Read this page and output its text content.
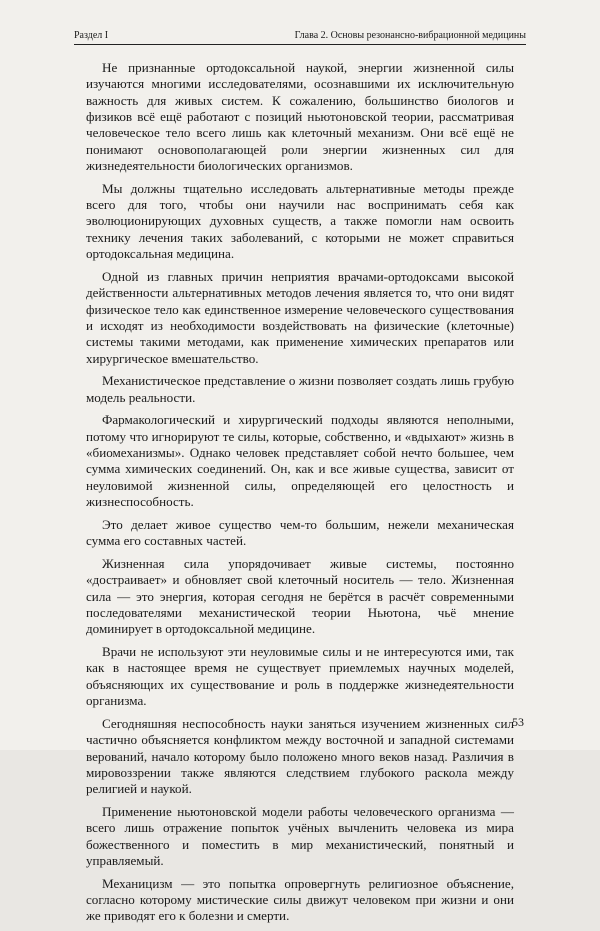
Раздел I	Глава 2. Основы резонансно-вибрационной медицины

Не признанные ортодоксальной наукой, энергии жизненной силы изучаются многими исследователями, осознавшими их исключительную важность для живых систем. К сожалению, большинство биологов и физиков всё ещё работают с позиций ньютоновской теории, рассматривая человеческое тело всего лишь как клеточный механизм. Они всё ещё не понимают основополагающей роли энергии жизненных сил для жизнедеятельности биологических организмов.

Мы должны тщательно исследовать альтернативные методы прежде всего для того, чтобы они научили нас воспринимать себя как эволюционирующих духовных существ, а также помогли нам освоить технику лечения таких заболеваний, с которыми не может справиться ортодоксальная медицина.

Одной из главных причин неприятия врачами-ортодоксами высокой действенности альтернативных методов лечения является то, что они видят физическое тело как единственное измерение человеческого существования и исходят из необходимости воздействовать на физические (клеточные) системы такими методами, как применение химических препаратов или хирургическое вмешательство.

Механистическое представление о жизни позволяет создать лишь грубую модель реальности.

Фармакологический и хирургический подходы являются неполными, потому что игнорируют те силы, которые, собственно, и «вдыхают» жизнь в «биомеханизмы». Однако человек представляет собой нечто большее, чем сумма химических соединений. Он, как и все живые существа, зависит от неуловимой жизненной силы, определяющей его целостность и жизнеспособность.

Это делает живое существо чем-то большим, нежели механическая сумма его составных частей.

Жизненная сила упорядочивает живые системы, постоянно «достраивает» и обновляет свой клеточный носитель — тело. Жизненная сила — это энергия, которая сегодня не берётся в расчёт современными последователями механистической теории Ньютона, чьё мнение доминирует в ортодоксальной медицине.

Врачи не используют эти неуловимые силы и не интересуются ими, так как в настоящее время не существует приемлемых научных моделей, объясняющих их существование и роль в поддержке жизнедеятельности организма.

Сегодняшняя неспособность науки заняться изучением жизненных сил частично объясняется конфликтом между восточной и западной системами верований, начало которому было положено много веков назад. Различия в мировоззрении также являются следствием глубокого раскола между религией и наукой.

Применение ньютоновской модели работы человеческого организма — всего лишь отражение попыток учёных вычленить человека из мира божественного и поместить в мир механистический, понятный и управляемый.

Механицизм — это попытка опровергнуть религиозное объяснение, согласно которому мистические силы движут человеком при жизни и они же приводят его к болезни и смерти.

53
